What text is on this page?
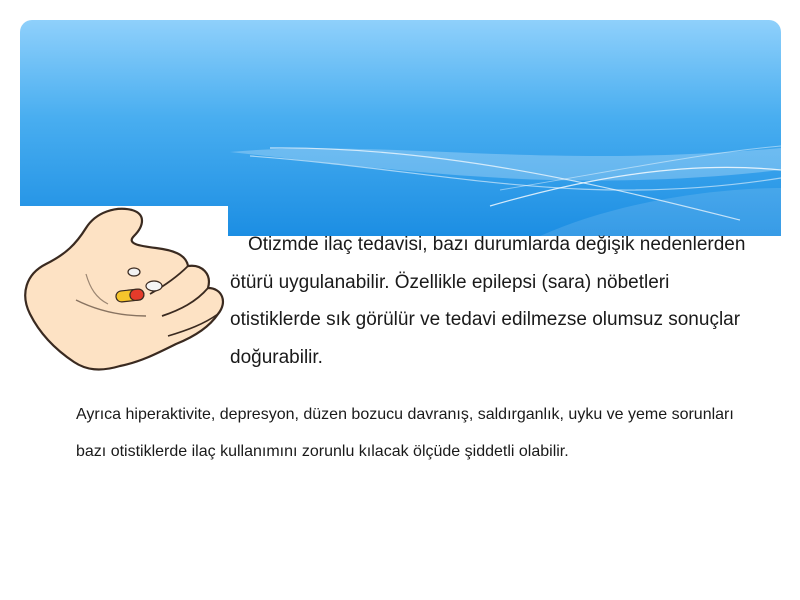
Otizmde ilaç tedavisi, bazı durumlarda değişik nedenlerden ötürü uygulanabilir. Özellikle epilepsi (sara) nöbetleri otistiklerde sık görülür ve tedavi edilmezse olumsuz sonuçlar doğurabilir.

Ayrıca hiperaktivite, depresyon, düzen bozucu davranış, saldırganlık, uyku ve yeme sorunları bazı otistiklerde ilaç kullanımını zorunlu kılacak ölçüde şiddetli olabilir.
